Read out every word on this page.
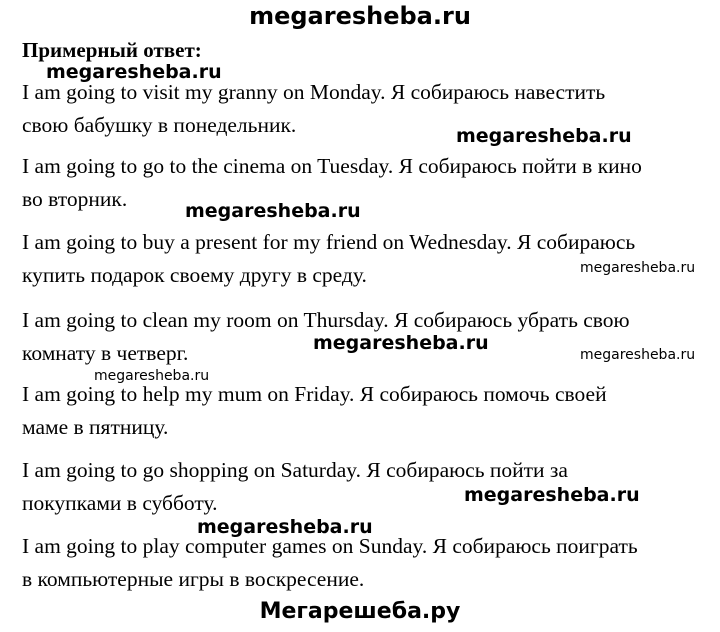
megaresheba.ru
Примерный ответ:
I am going to visit my granny on Monday. Я собираюсь навестить
свою бабушку в понедельник.
I am going to go to the cinema on Tuesday. Я собираюсь пойти в кино
во вторник.
I am going to buy a present for my friend on Wednesday. Я собираюсь
купить подарок своему другу в среду.
I am going to clean my room on Thursday. Я собираюсь убрать свою
комнату в четверг.
I am going to help my mum on Friday. Я собираюсь помочь своей
маме в пятницу.
I am going to go shopping on Saturday. Я собираюсь пойти за
покупками в субботу.
I am going to play computer games on Sunday. Я собираюсь поиграть
в компьютерные игры в воскресение.
megaresheba.ru
megaresheba.ru
megaresheba.ru
megaresheba.ru
megaresheba.ru
megaresheba.ru
megaresheba.ru
megaresheba.ru
megaresheba.ru
Мегарешеба.ру
